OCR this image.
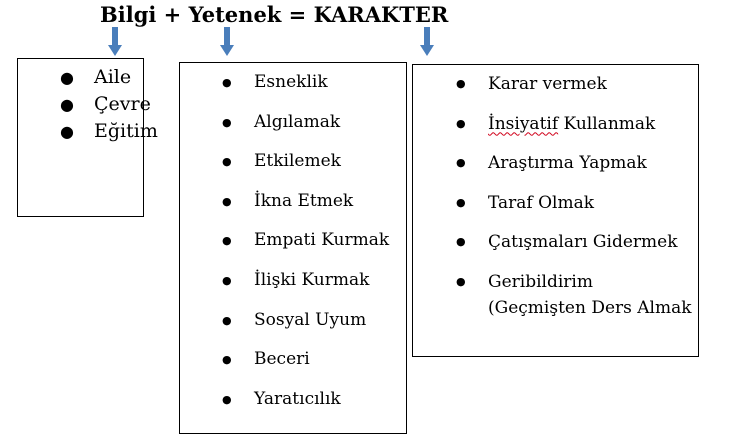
Bilgi + Yetenek = KARAKTER
● Aile
● Çevre
● Eğitim
● Esneklik
● Algılamak
● Etkilemek
● İkna Etmek
● Empati Kurmak
● İlişki Kurmak
● Sosyal Uyum
● Beceri
● Yaratıcılık
● Karar vermek
● İnsiyatif Kullanmak
● Araştırma Yapmak
● Taraf Olmak
● Çatışmaları Gidermek
● Geribildirim (Geçmişten Ders Almak
